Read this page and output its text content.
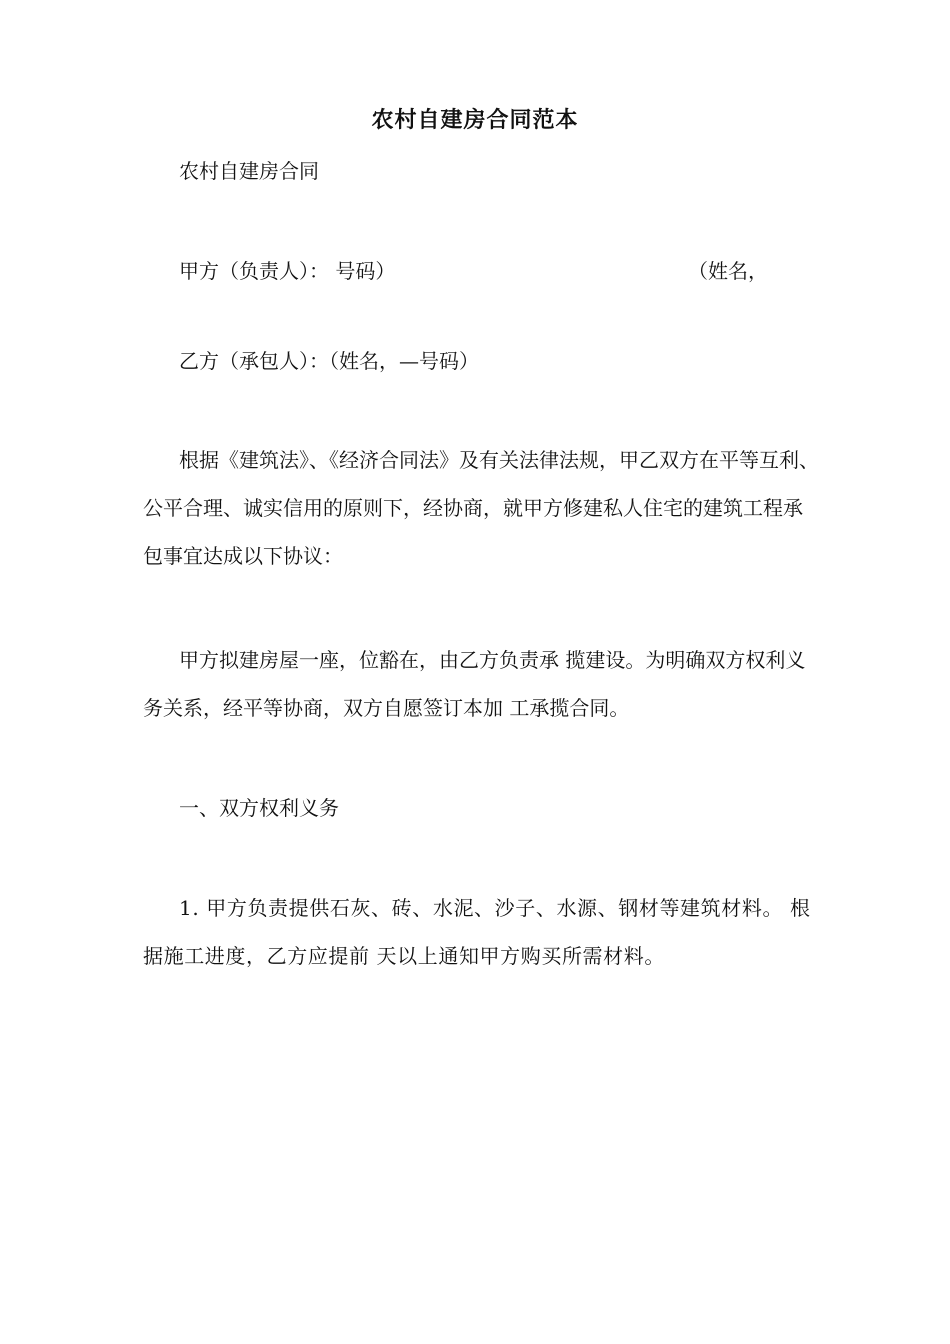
农村自建房合同范本
农村自建房合同
甲方（负责人）： 号码）	（姓名，
乙方（承包人）：（姓名，—号码）
根据《建筑法》、《经济合同法》及有关法律法规，甲乙双方在平等互利、公平合理、诚实信用的原则下，经协商，就甲方修建私人住宅的建筑工程承包事宜达成以下协议：
甲方拟建房屋一座，位豁在，由乙方负责承 揽建设。为明确双方权利义务关系，经平等协商，双方自愿签订本加 工承揽合同。
一、双方权利义务
1. 甲方负责提供石灰、砖、水泥、沙子、水源、钢材等建筑材料。 根据施工进度，乙方应提前 天以上通知甲方购买所需材料。
